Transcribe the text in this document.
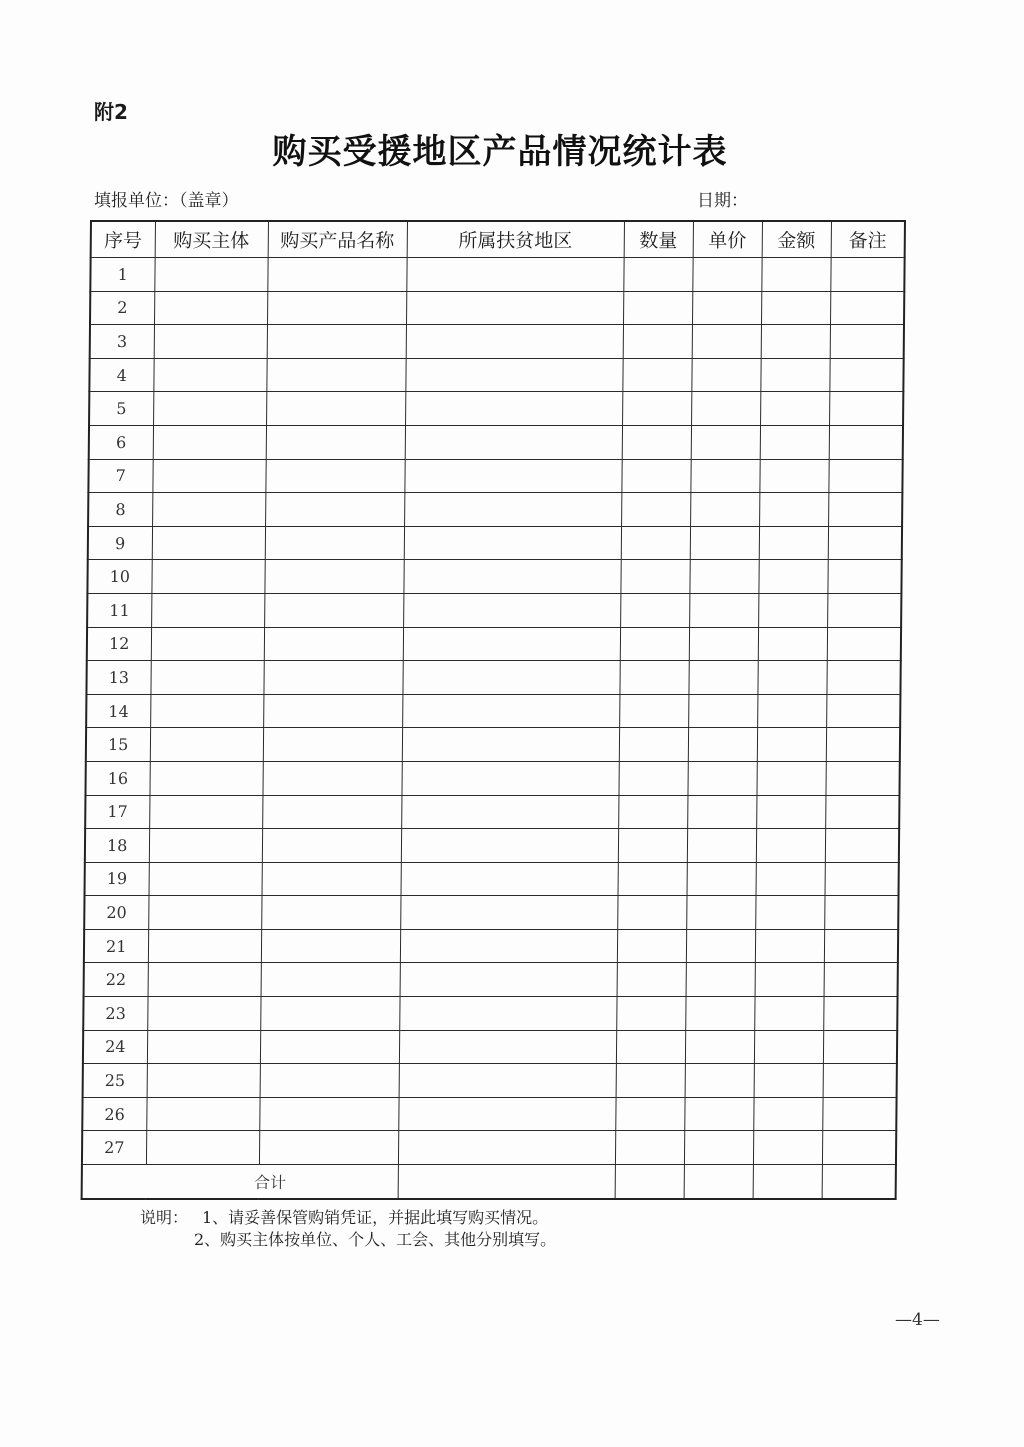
附2
购买受援地区产品情况统计表
填报单位：（盖章）	日期：
序号	购买主体	购买产品名称	所属扶贫地区	数量	单价	金额	备注
1							
2							
3							
4							
5							
6							
7							
8							
9							
10							
11							
12							
13							
14							
15							
16							
17							
18							
19							
20							
21							
22							
23							
24							
25							
26							
27							
合计							
说明： 1、请妥善保管购销凭证，并据此填写购买情况。
2、购买主体按单位、个人、工会、其他分别填写。
—4—
